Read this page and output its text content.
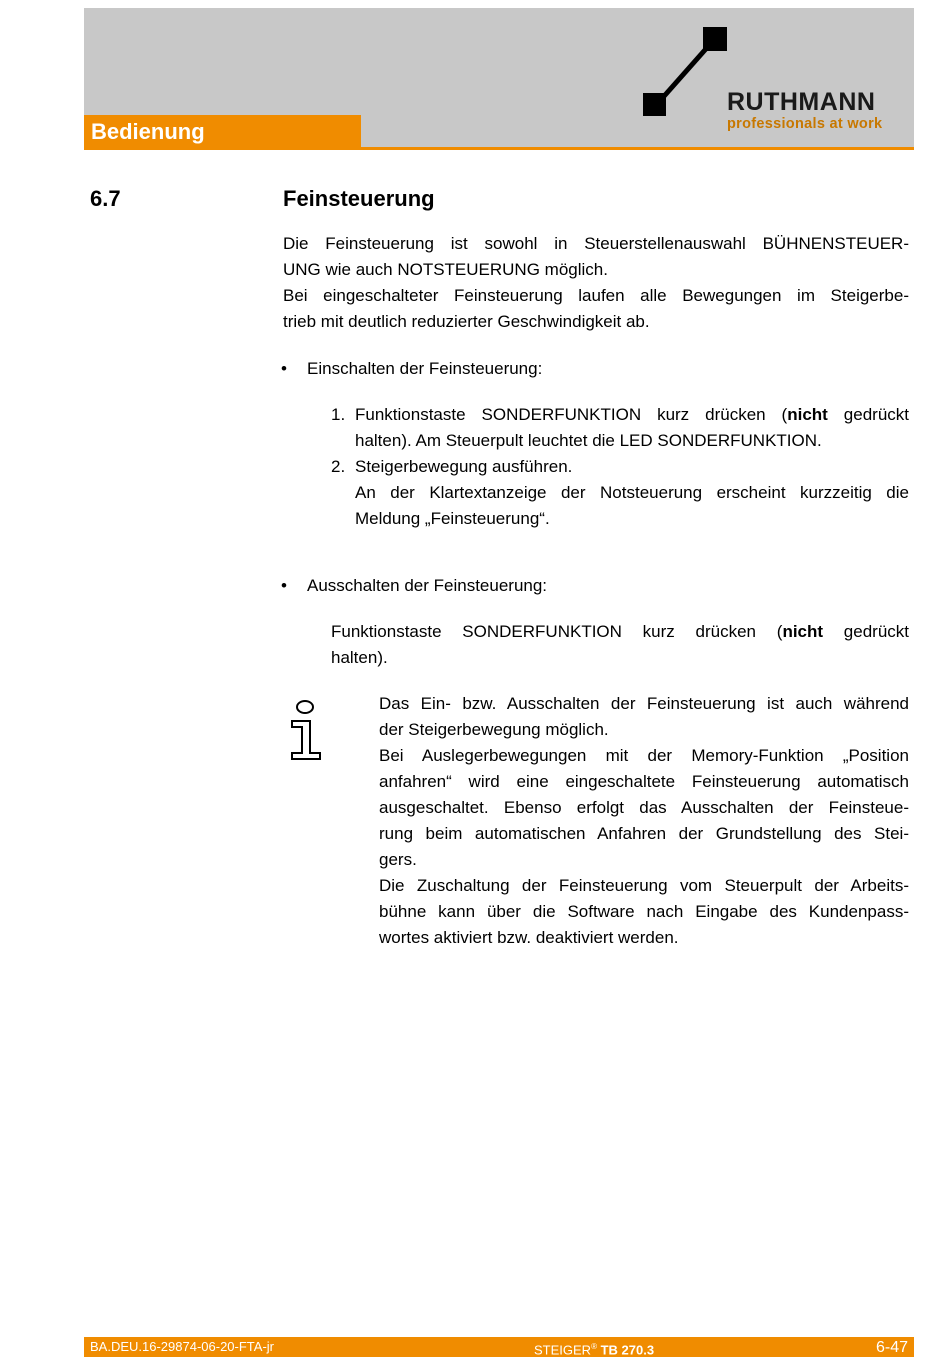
Bedienung
RUTHMANN
professionals at work
6.7	Feinsteuerung
Die Feinsteuerung ist sowohl in Steuerstellenauswahl BÜHNENSTEUER-
UNG wie auch NOTSTEUERUNG möglich.
Bei eingeschalteter Feinsteuerung laufen alle Bewegungen im Steigerbe-
trieb mit deutlich reduzierter Geschwindigkeit ab.
• Einschalten der Feinsteuerung:
1. Funktionstaste SONDERFUNKTION kurz drücken (nicht gedrückt
halten). Am Steuerpult leuchtet die LED SONDERFUNKTION.
2. Steigerbewegung ausführen.
An der Klartextanzeige der Notsteuerung erscheint kurzzeitig die
Meldung „Feinsteuerung“.
• Ausschalten der Feinsteuerung:
Funktionstaste SONDERFUNKTION kurz drücken (nicht gedrückt
halten).
Das Ein- bzw. Ausschalten der Feinsteuerung ist auch während
der Steigerbewegung möglich.
Bei Auslegerbewegungen mit der Memory-Funktion „Position
anfahren“ wird eine eingeschaltete Feinsteuerung automatisch
ausgeschaltet. Ebenso erfolgt das Ausschalten der Feinsteue-
rung beim automatischen Anfahren der Grundstellung des Stei-
gers.
Die Zuschaltung der Feinsteuerung vom Steuerpult der Arbeits-
bühne kann über die Software nach Eingabe des Kundenpass-
wortes aktiviert bzw. deaktiviert werden.
BA.DEU.16-29874-06-20-FTA-jr	STEIGER® TB 270.3	6-47
